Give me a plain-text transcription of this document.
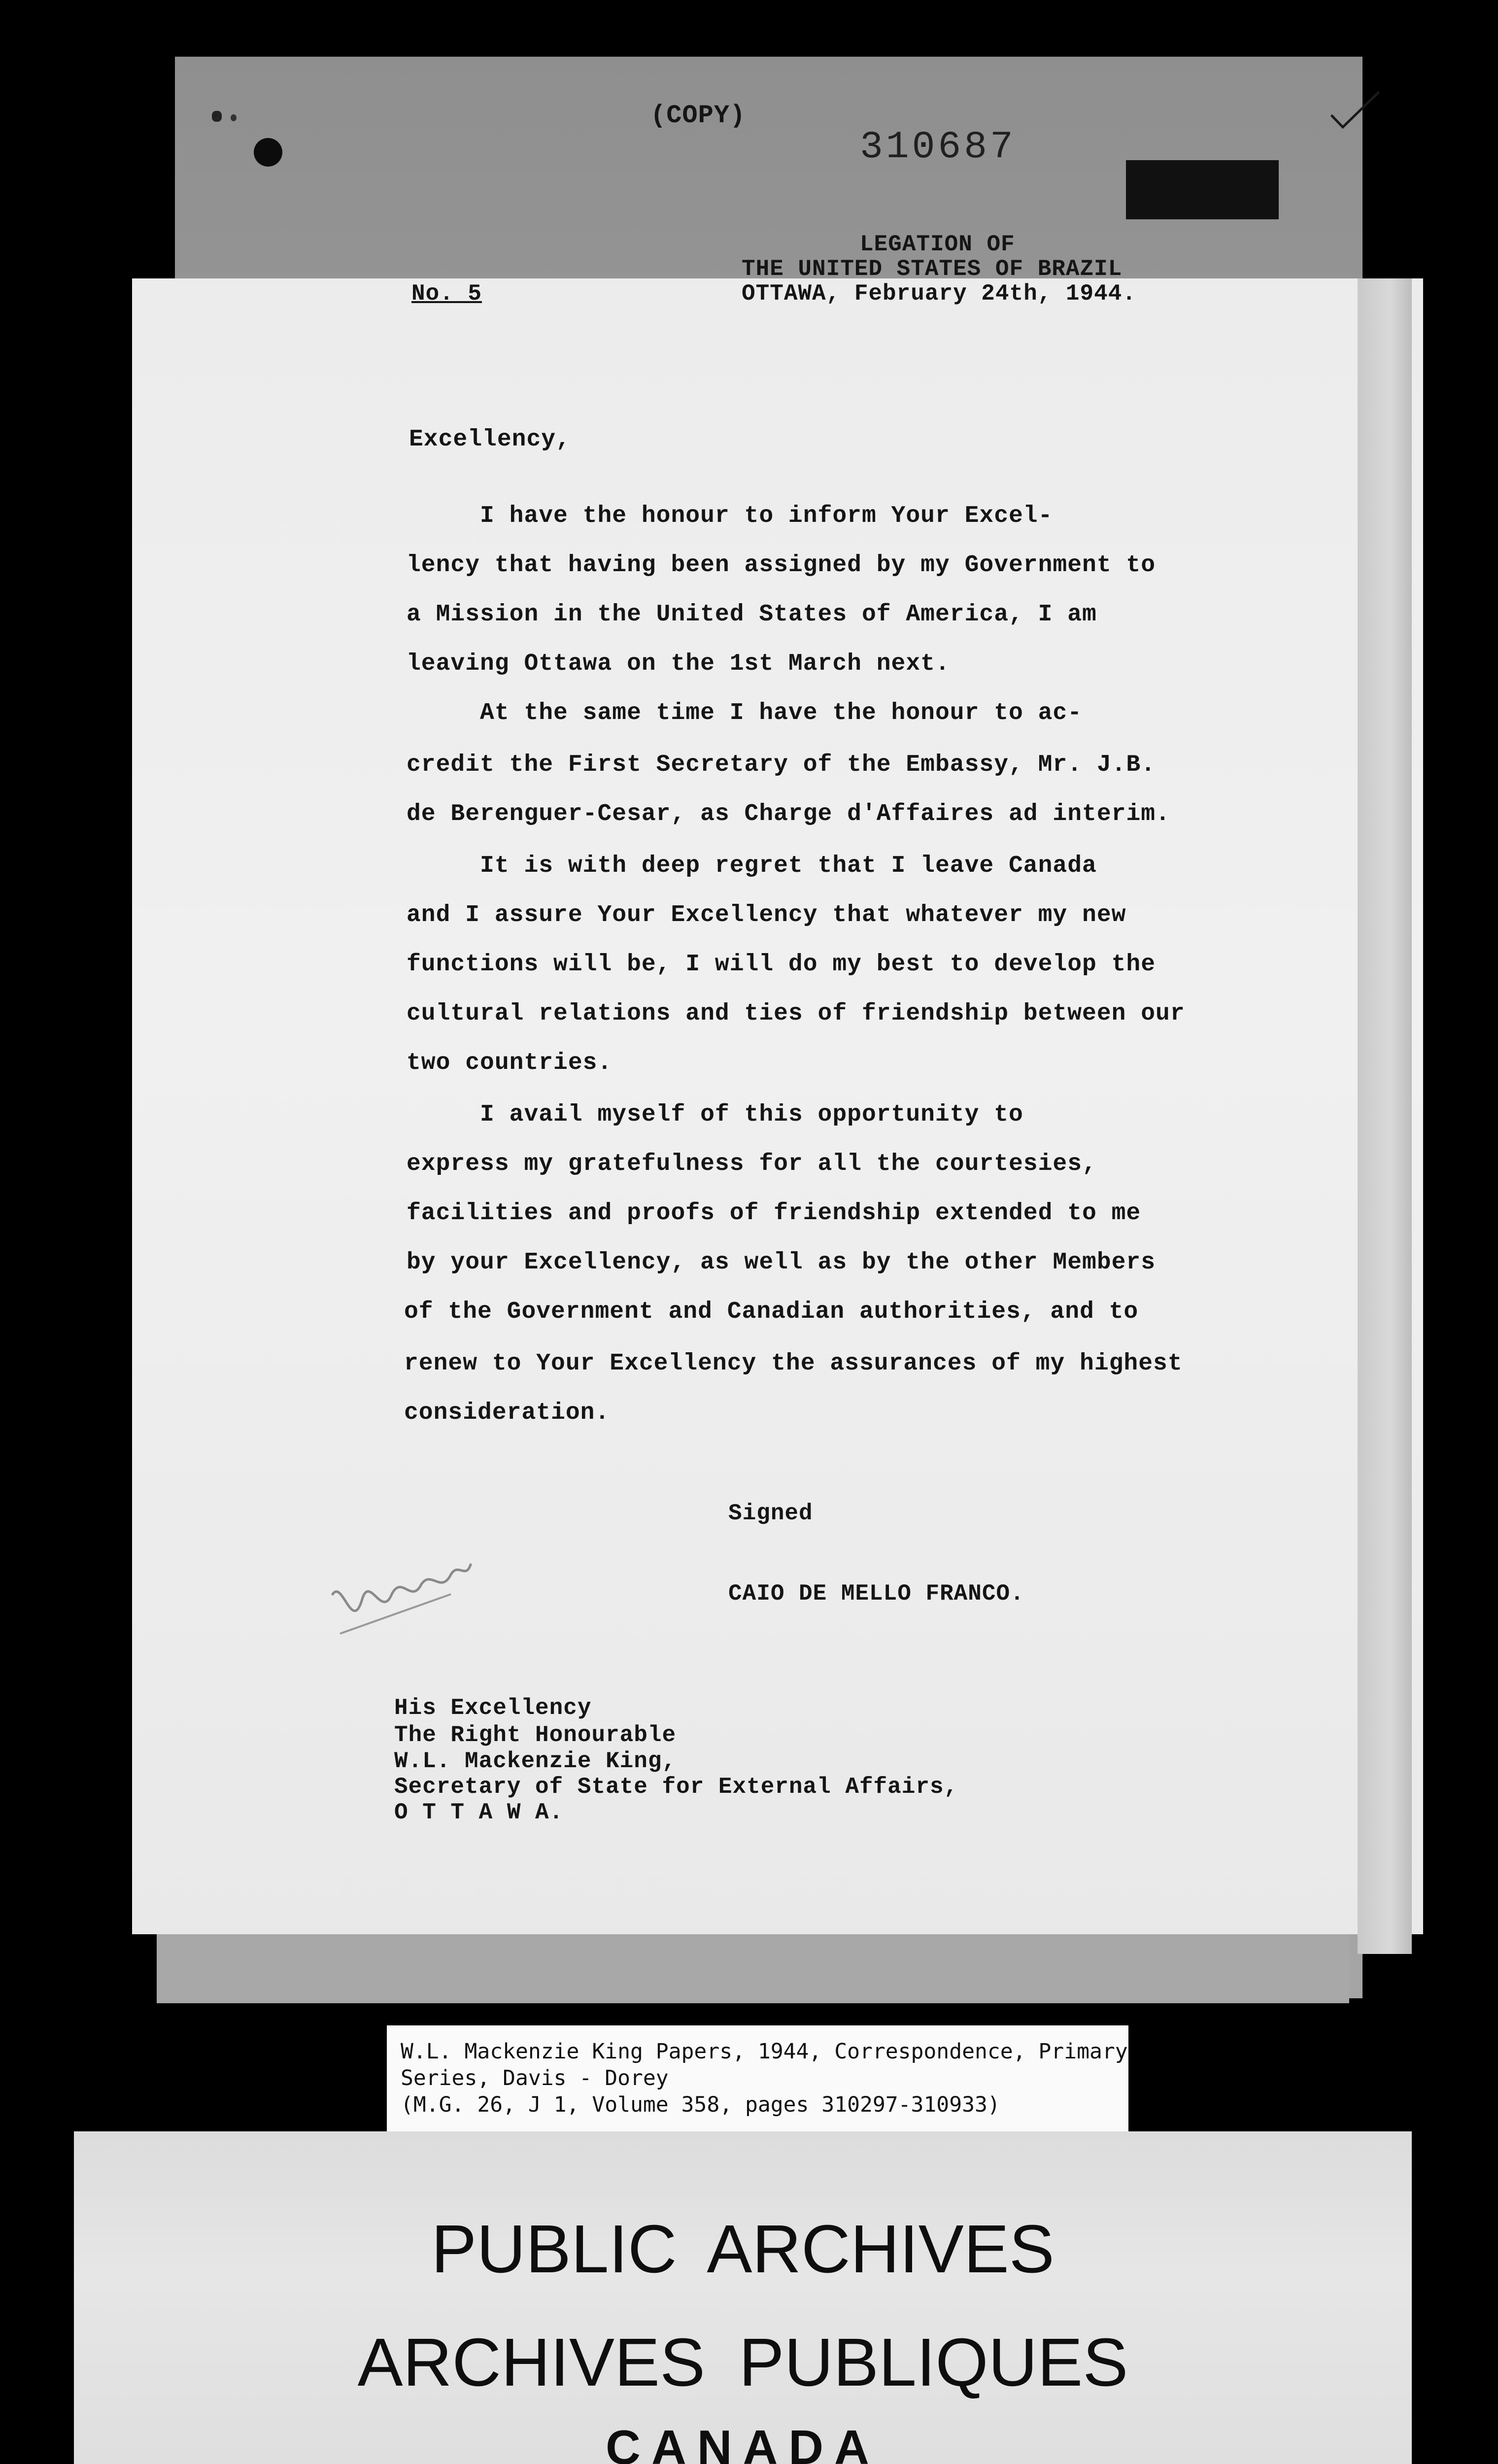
(COPY)
310687
LEGATION OF
THE UNITED STATES OF BRAZIL
OTTAWA, February 24th, 1944.
No. 5
Excellency,
I have the honour to inform Your Excel-
lency that having been assigned by my Government to
a Mission in the United States of America, I am
leaving Ottawa on the 1st March next.
At the same time I have the honour to ac-
credit the First Secretary of the Embassy, Mr. J.B.
de Berenguer-Cesar, as Charge d'Affaires ad interim.
It is with deep regret that I leave Canada
and I assure Your Excellency that whatever my new
functions will be, I will do my best to develop the
cultural relations and ties of friendship between our
two countries.
I avail myself of this opportunity to
express my gratefulness for all the courtesies,
facilities and proofs of friendship extended to me
by your Excellency, as well as by the other Members
of the Government and Canadian authorities, and to
renew to Your Excellency the assurances of my highest
consideration.
Signed
CAIO DE MELLO FRANCO.
His Excellency
The Right Honourable
W.L. Mackenzie King,
Secretary of State for External Affairs,
O T T A W A.
W.L. Mackenzie King Papers, 1944, Correspondence, Primary
Series, Davis - Dorey
(M.G. 26, J 1, Volume 358, pages 310297-310933)
PUBLIC ARCHIVES
ARCHIVES PUBLIQUES
CANADA
